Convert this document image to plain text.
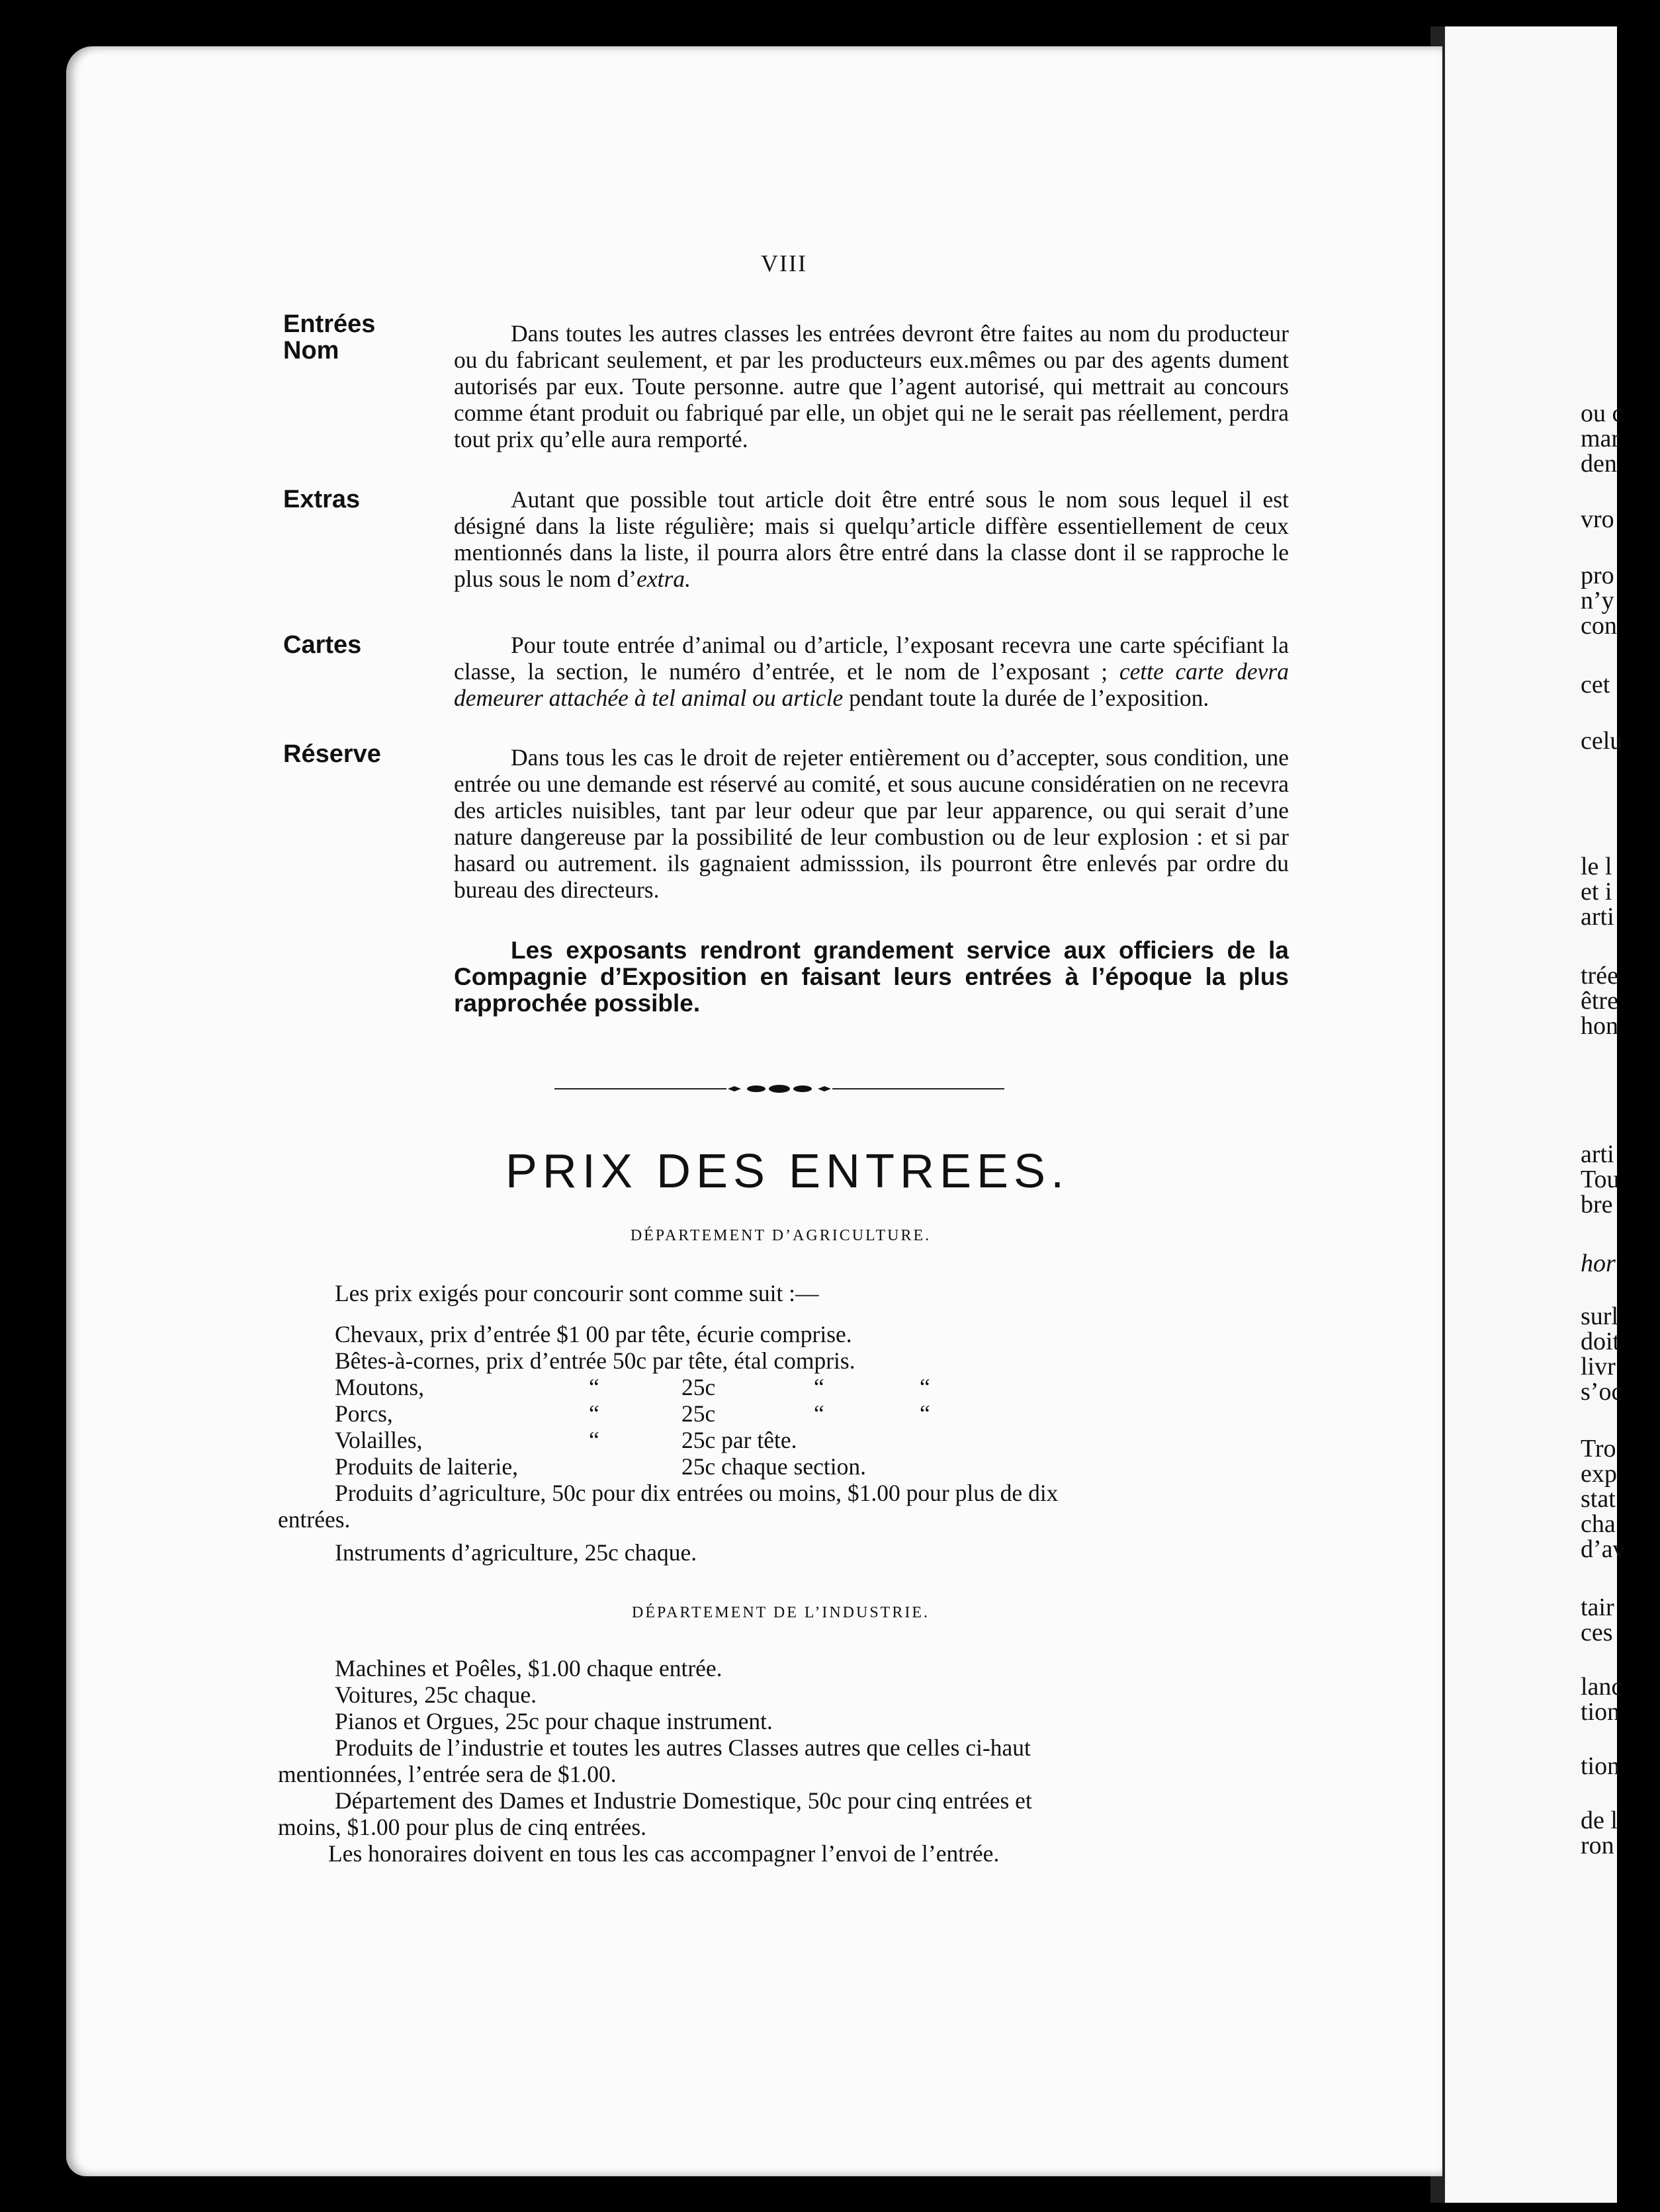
ou c
mar
den
vro
pro
n’y
con
cet
celu
le l
et i
arti
trée
être
hon
arti
Tou
bre
hor
surl
doit
livr
s’oc
Tro
exp
stat
cha
d’av
tair
ces
lanc
tion
tion
de l
ron
VIII
Entrées
Nom
Dans toutes les autres classes les entrées devront être faites au nom du producteur ou du fabricant seulement, et par les producteurs eux.mêmes ou par des agents dument autorisés par eux. Toute personne. autre que l’agent autorisé, qui mettrait au concours comme étant produit ou fabriqué par elle, un objet qui ne le serait pas réellement, perdra tout prix qu’elle aura remporté.
Extras	Autant que possible tout article doit être entré sous le nom sous lequel il est désigné dans la liste régulière; mais si quelqu’article diffère essentiellement de ceux mentionnés dans la liste, il pourra alors être entré dans la classe dont il se rapproche le plus sous le nom d’extra.
Cartes	Pour toute entrée d’animal ou d’article, l’exposant recevra une carte spécifiant la classe, la section, le numéro d’entrée, et le nom de l’exposant ; cette carte devra demeurer attachée à tel animal ou article pendant toute la durée de l’exposition.
Réserve	Dans tous les cas le droit de rejeter entièrement ou d’accepter, sous condition, une entrée ou une demande est réservé au comité, et sous aucune considératien on ne recevra des articles nuisibles, tant par leur odeur que par leur apparence, ou qui serait d’une nature dangereuse par la possibilité de leur combustion ou de leur explosion : et si par hasard ou autrement. ils gagnaient admisssion, ils pourront être enlevés par ordre du bureau des directeurs.
Les exposants rendront grandement service aux officiers de la Compagnie d’Exposition en faisant leurs entrées à l’époque la plus rapprochée possible.
PRIX DES ENTREES.
DÉPARTEMENT D’AGRICULTURE.
Les prix exigés pour concourir sont comme suit :—
Chevaux, prix d’entrée $1 00 par tête, écurie comprise.
Bêtes-à-cornes, prix d’entrée 50c par tête, étal compris.
Moutons,	“	25c	“	“
Porcs,	“	25c	“	“
Volailles,	“	25c par tête.
Produits de laiterie,	25c chaque section.
Produits d’agriculture, 50c pour dix entrées ou moins, $1.00 pour plus de dix
entrées.
Instruments d’agriculture, 25c chaque.
DÉPARTEMENT DE L’INDUSTRIE.
Machines et Poêles, $1.00 chaque entrée.
Voitures, 25c chaque.
Pianos et Orgues, 25c pour chaque instrument.
Produits de l’industrie et toutes les autres Classes autres que celles ci-haut
mentionnées, l’entrée sera de $1.00.
Département des Dames et Industrie Domestique, 50c pour cinq entrées et
moins, $1.00 pour plus de cinq entrées.
Les honoraires doivent en tous les cas accompagner l’envoi de l’entrée.
